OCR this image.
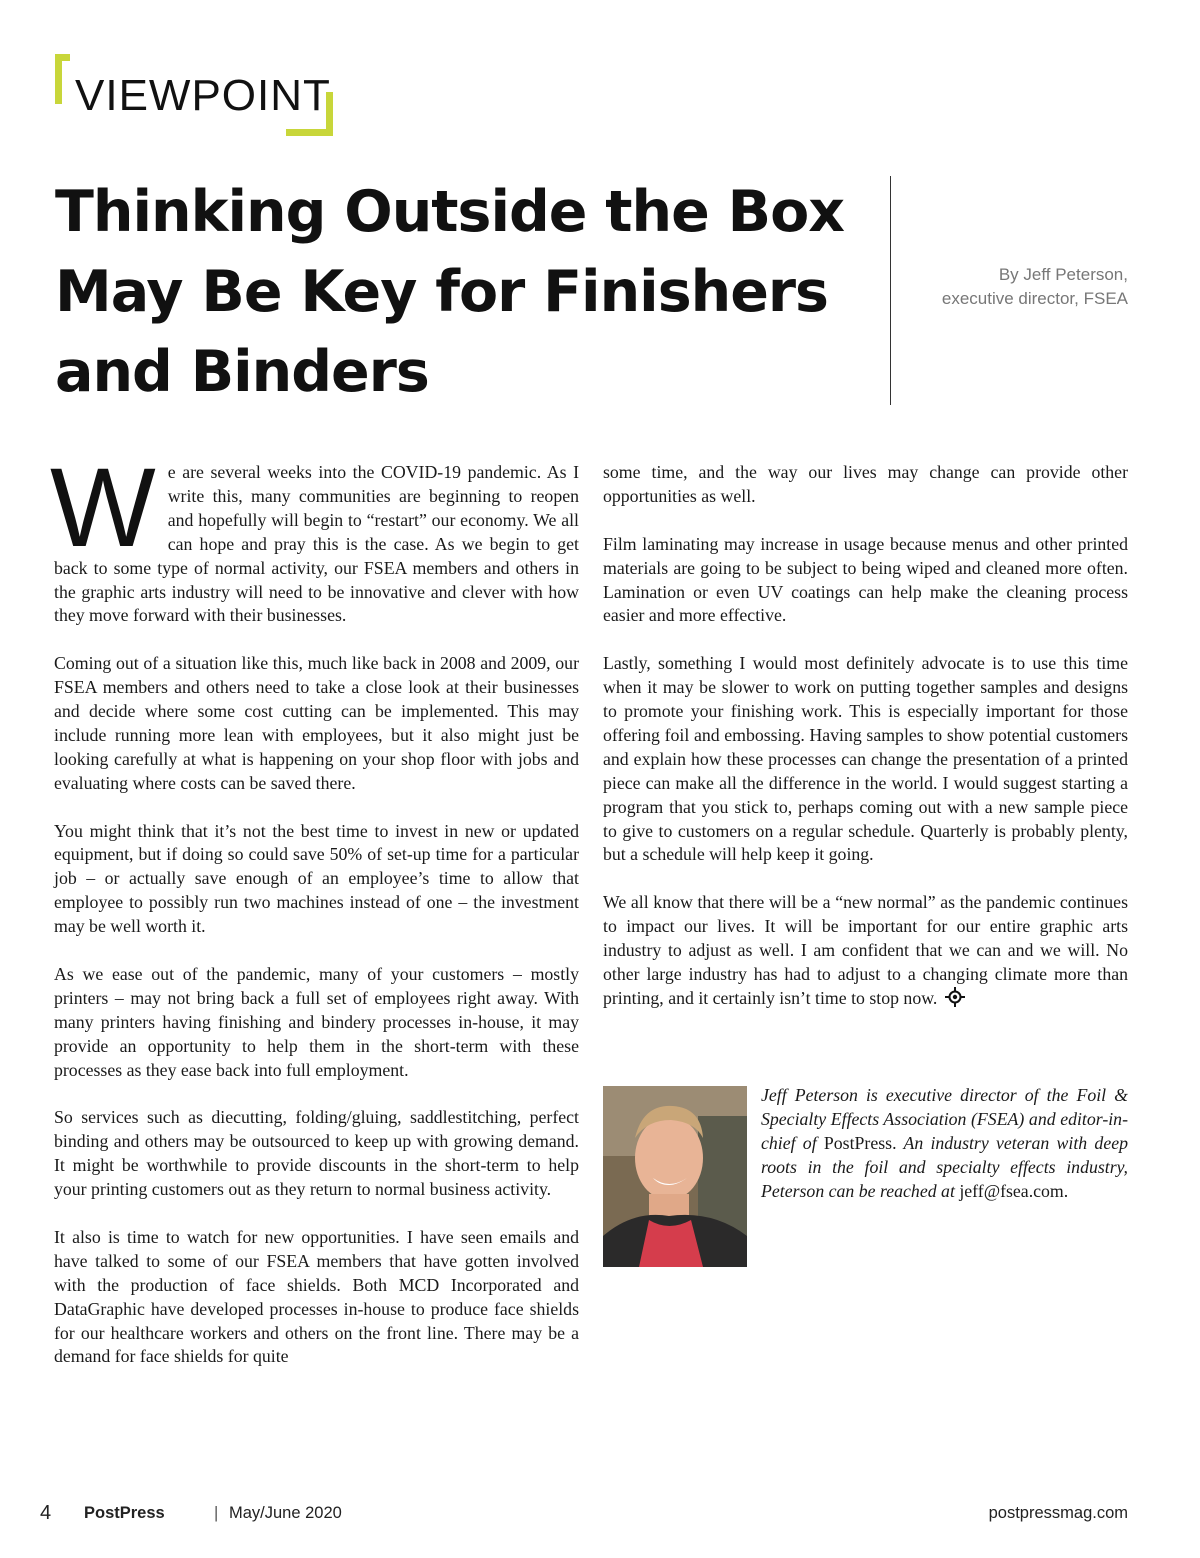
VIEWPOINT
Thinking Outside the Box May Be Key for Finishers and Binders
By Jeff Peterson,
executive director, FSEA

We are several weeks into the COVID-19 pandemic. As I write this, many communities are beginning to reopen and hopefully will begin to “restart” our economy. We all can hope and pray this is the case. As we begin to get back to some type of normal activity, our FSEA members and others in the graphic arts industry will need to be innovative and clever with how they move forward with their businesses.

Coming out of a situation like this, much like back in 2008 and 2009, our FSEA members and others need to take a close look at their businesses and decide where some cost cutting can be implemented. This may include running more lean with employees, but it also might just be looking carefully at what is happening on your shop floor with jobs and evaluating where costs can be saved there.

You might think that it’s not the best time to invest in new or updated equipment, but if doing so could save 50% of set-up time for a particular job – or actually save enough of an employee’s time to allow that employee to possibly run two machines instead of one – the investment may be well worth it.

As we ease out of the pandemic, many of your customers – mostly printers – may not bring back a full set of employees right away. With many printers having finishing and bindery processes in-house, it may provide an opportunity to help them in the short-term with these processes as they ease back into full employment.

So services such as diecutting, folding/gluing, saddlestitching, perfect binding and others may be outsourced to keep up with growing demand. It might be worthwhile to provide discounts in the short-term to help your printing customers out as they return to normal business activity.

It also is time to watch for new opportunities. I have seen emails and have talked to some of our FSEA members that have gotten involved with the production of face shields. Both MCD Incorporated and DataGraphic have developed processes in-house to produce face shields for our healthcare workers and others on the front line. There may be a demand for face shields for quite

some time, and the way our lives may change can provide other opportunities as well.

Film laminating may increase in usage because menus and other printed materials are going to be subject to being wiped and cleaned more often. Lamination or even UV coatings can help make the cleaning process easier and more effective.

Lastly, something I would most definitely advocate is to use this time when it may be slower to work on putting together samples and designs to promote your finishing work. This is especially important for those offering foil and embossing. Having samples to show potential customers and explain how these processes can change the presentation of a printed piece can make all the difference in the world. I would suggest starting a program that you stick to, perhaps coming out with a new sample piece to give to customers on a regular schedule. Quarterly is probably plenty, but a schedule will help keep it going.

We all know that there will be a “new normal” as the pandemic continues to impact our lives. It will be important for our entire graphic arts industry to adjust as well. I am confident that we can and we will. No other large industry has had to adjust to a changing climate more than printing, and it certainly isn’t time to stop now.

Jeff Peterson is executive director of the Foil & Specialty Effects Association (FSEA) and editor-in-chief of PostPress. An industry veteran with deep roots in the foil and specialty effects industry, Peterson can be reached at jeff@fsea.com.
4 PostPress	| May/June 2020	postpressmag.com
